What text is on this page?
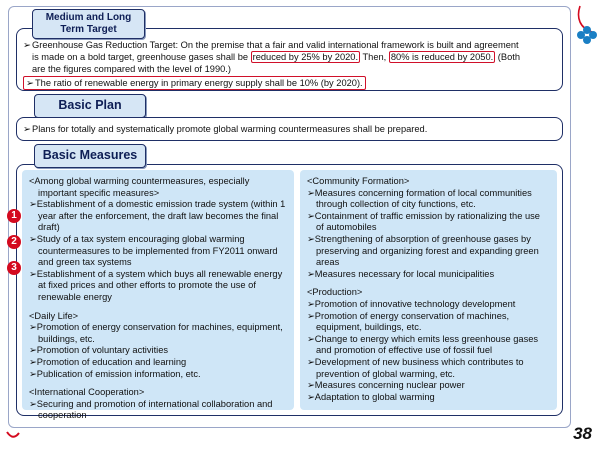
➢Greenhouse Gas Reduction Target: On the premise that a fair and valid international framework is built and agreement
is made on a bold target, greenhouse gases shall be reduced by 25% by 2020. Then, 80% is reduced by 2050. (Both
are the figures compared with the level of 1990.)
➢The ratio of renewable energy in primary energy supply shall be 10% (by 2020).
Medium and Long
Term Target
Basic Plan
➢Plans for totally and systematically promote global warming countermeasures shall be prepared.
<Among global warming countermeasures, especially important specific measures>
➢Establishment of a domestic emission trade system (within 1 year after the enforcement, the draft law becomes the final draft)
➢Study of a tax system encouraging global warming countermeasures to be implemented from FY2011 onward and green tax systems
➢Establishment of a system which buys all renewable energy at fixed prices and other efforts to promote the use of renewable energy
<Daily Life>
➢Promotion of energy conservation for machines, equipment, buildings, etc.
➢Promotion of voluntary activities
➢Promotion of education and learning
➢Publication of emission information, etc.
<International Cooperation>
➢Securing and promotion of international collaboration and cooperation
<Community Formation>
➢Measures concerning formation of local communities through collection of city functions, etc.
➢Containment of traffic emission by rationalizing the use of automobiles
➢Strengthening of absorption of greenhouse gases by preserving and organizing forest and expanding green areas
➢Measures necessary for local municipalities
<Production>
➢Promotion of innovative technology development
➢Promotion of energy conservation of machines, equipment, buildings, etc.
➢Change to energy which emits less greenhouse gases and promotion of effective use of fossil fuel
➢Development of new business which contributes to prevention of global warming, etc.
➢Measures concerning nuclear power
➢Adaptation to global warming
Basic Measures
1
2
3
38
